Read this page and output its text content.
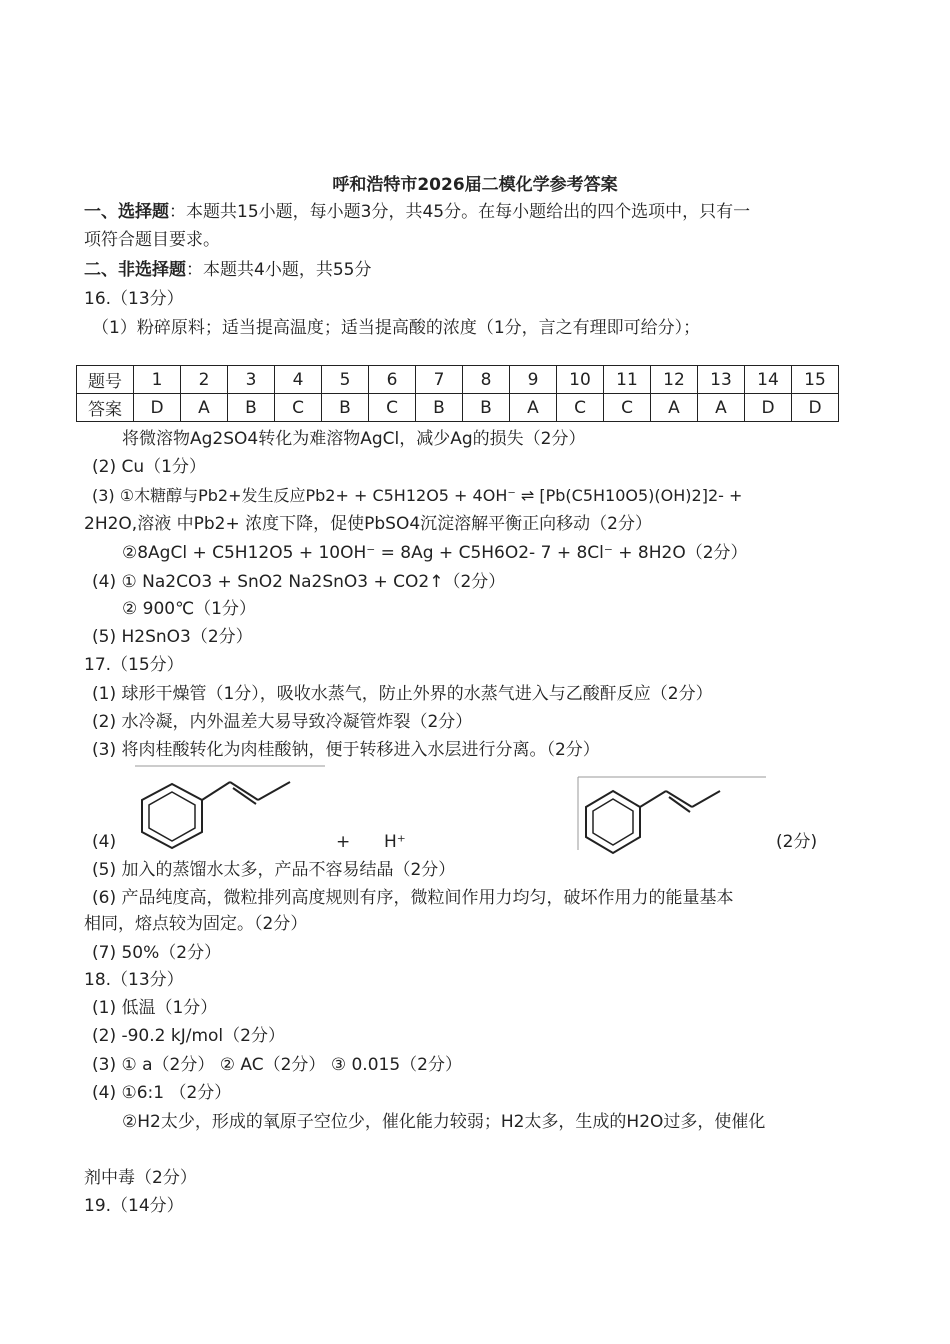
呼和浩特市2026届二模化学参考答案
一、选择题：本题共15小题，每小题3分，共45分。在每小题给出的四个选项中，只有一
项符合题目要求。
二、非选择题：本题共4小题，共55分
16.（13分）
（1）粉碎原料；适当提高温度；适当提高酸的浓度（1分，言之有理即可给分）；
题号	1	2	3	4	5	6	7	8	9	10	11	12	13	14	15
答案	D	A	B	C	B	C	B	B	A	C	C	A	A	D	D
将微溶物Ag2SO4转化为难溶物AgCl，减少Ag的损失（2分）
(2) Cu（1分）
(3) ①木糖醇与Pb2+发生反应Pb2+ + C5H12O5 + 4OH⁻ ⇌ [Pb(C5H10O5)(OH)2]2- +
2H2O,溶液 中Pb2+ 浓度下降，促使PbSO4沉淀溶解平衡正向移动（2分）
②8AgCl + C5H12O5 + 10OH⁻ = 8Ag + C5H6O2- 7 + 8Cl⁻ + 8H2O（2分）
(4) ① Na2CO3 + SnO2 Na2SnO3 + CO2↑（2分）
② 900℃（1分）
(5) H2SnO3（2分）
17.（15分）
(1) 球形干燥管（1分），吸收水蒸气，防止外界的水蒸气进入与乙酸酐反应（2分）
(2) 水冷凝，内外温差大易导致冷凝管炸裂（2分）
(3) 将肉桂酸转化为肉桂酸钠，便于转移进入水层进行分离。（2分）
(4)	+ H⁺	(2分)
(5) 加入的蒸馏水太多，产品不容易结晶（2分）
(6) 产品纯度高，微粒排列高度规则有序，微粒间作用力均匀，破坏作用力的能量基本
相同，熔点较为固定。（2分）
(7) 50%（2分）
18.（13分）
(1) 低温（1分）
(2) -90.2 kJ/mol（2分）
(3) ① a（2分） ② AC（2分） ③ 0.015（2分）
(4) ①6:1 （2分）
②H2太少，形成的氧原子空位少，催化能力较弱；H2太多，生成的H2O过多，使催化
剂中毒（2分）
19.（14分）
